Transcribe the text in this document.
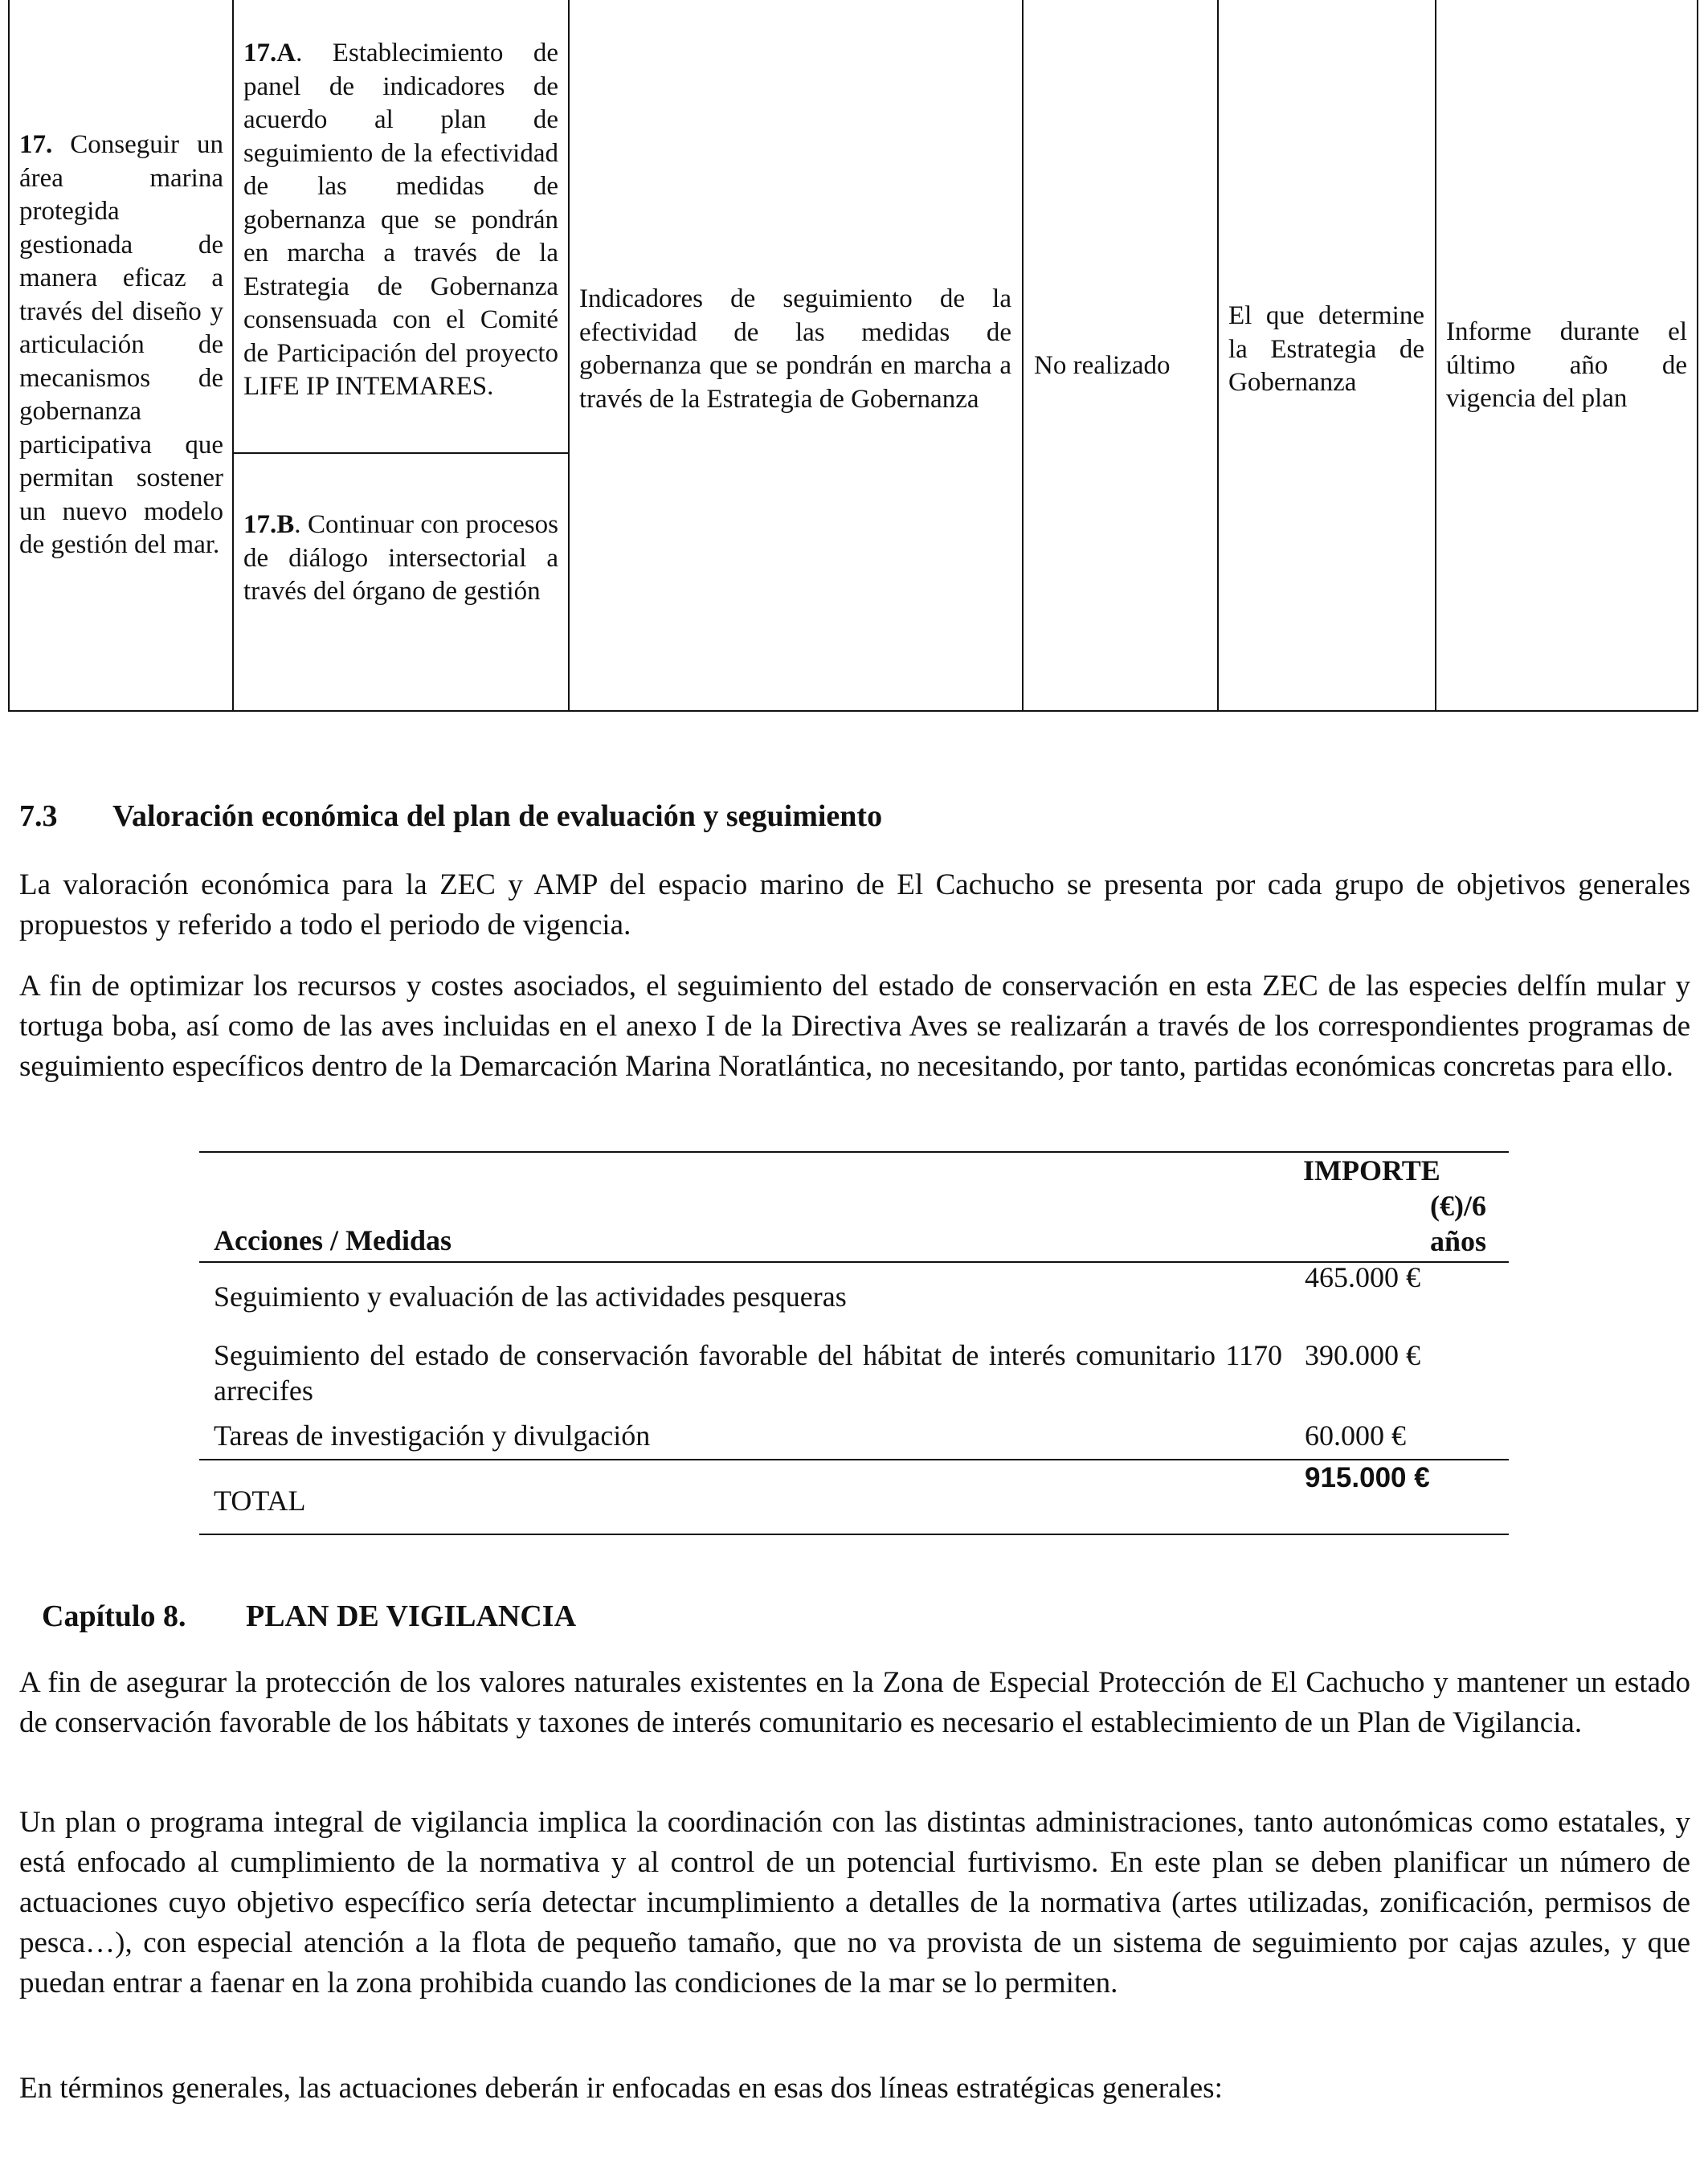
17. Conseguir un área marina protegida gestionada de manera eficaz a través del diseño y articulación de mecanismos de gobernanza participativa que permitan sostener un nuevo modelo de gestión del mar.
17.A. Establecimiento de panel de indicadores de acuerdo al plan de seguimiento de la efectividad de las medidas de gobernanza que se pondrán en marcha a través de la Estrategia de Gobernanza consensuada con el Comité de Participación del proyecto LIFE IP INTEMARES.
17.B. Continuar con procesos de diálogo intersectorial a través del órgano de gestión
Indicadores de seguimiento de la efectividad de las medidas de gobernanza que se pondrán en marcha a través de la Estrategia de Gobernanza
No realizado
El que determine la Estrategia de Gobernanza
Informe durante el último año de vigencia del plan
7.3 Valoración económica del plan de evaluación y seguimiento
La valoración económica para la ZEC y AMP del espacio marino de El Cachucho se presenta por cada grupo de objetivos generales propuestos y referido a todo el periodo de vigencia.
A fin de optimizar los recursos y costes asociados, el seguimiento del estado de conservación en esta ZEC de las especies delfín mular y tortuga boba, así como de las aves incluidas en el anexo I de la Directiva Aves se realizarán a través de los correspondientes programas de seguimiento específicos dentro de la Demarcación Marina Noratlántica, no necesitando, por tanto, partidas económicas concretas para ello.
Acciones / Medidas
IMPORTE
(€)/6
años
Seguimiento y evaluación de las actividades pesqueras
465.000 €
Seguimiento del estado de conservación favorable del hábitat de interés comunitario 1170 arrecifes
390.000 €
Tareas de investigación y divulgación	60.000 €
TOTAL
915.000 €
Capítulo 8. PLAN DE VIGILANCIA
A fin de asegurar la protección de los valores naturales existentes en la Zona de Especial Protección de El Cachucho y mantener un estado de conservación favorable de los hábitats y taxones de interés comunitario es necesario el establecimiento de un Plan de Vigilancia.
Un plan o programa integral de vigilancia implica la coordinación con las distintas administraciones, tanto autonómicas como estatales, y está enfocado al cumplimiento de la normativa y al control de un potencial furtivismo. En este plan se deben planificar un número de actuaciones cuyo objetivo específico sería detectar incumplimiento a detalles de la normativa (artes utilizadas, zonificación, permisos de pesca…), con especial atención a la flota de pequeño tamaño, que no va provista de un sistema de seguimiento por cajas azules, y que puedan entrar a faenar en la zona prohibida cuando las condiciones de la mar se lo permiten.
En términos generales, las actuaciones deberán ir enfocadas en esas dos líneas estratégicas generales:
